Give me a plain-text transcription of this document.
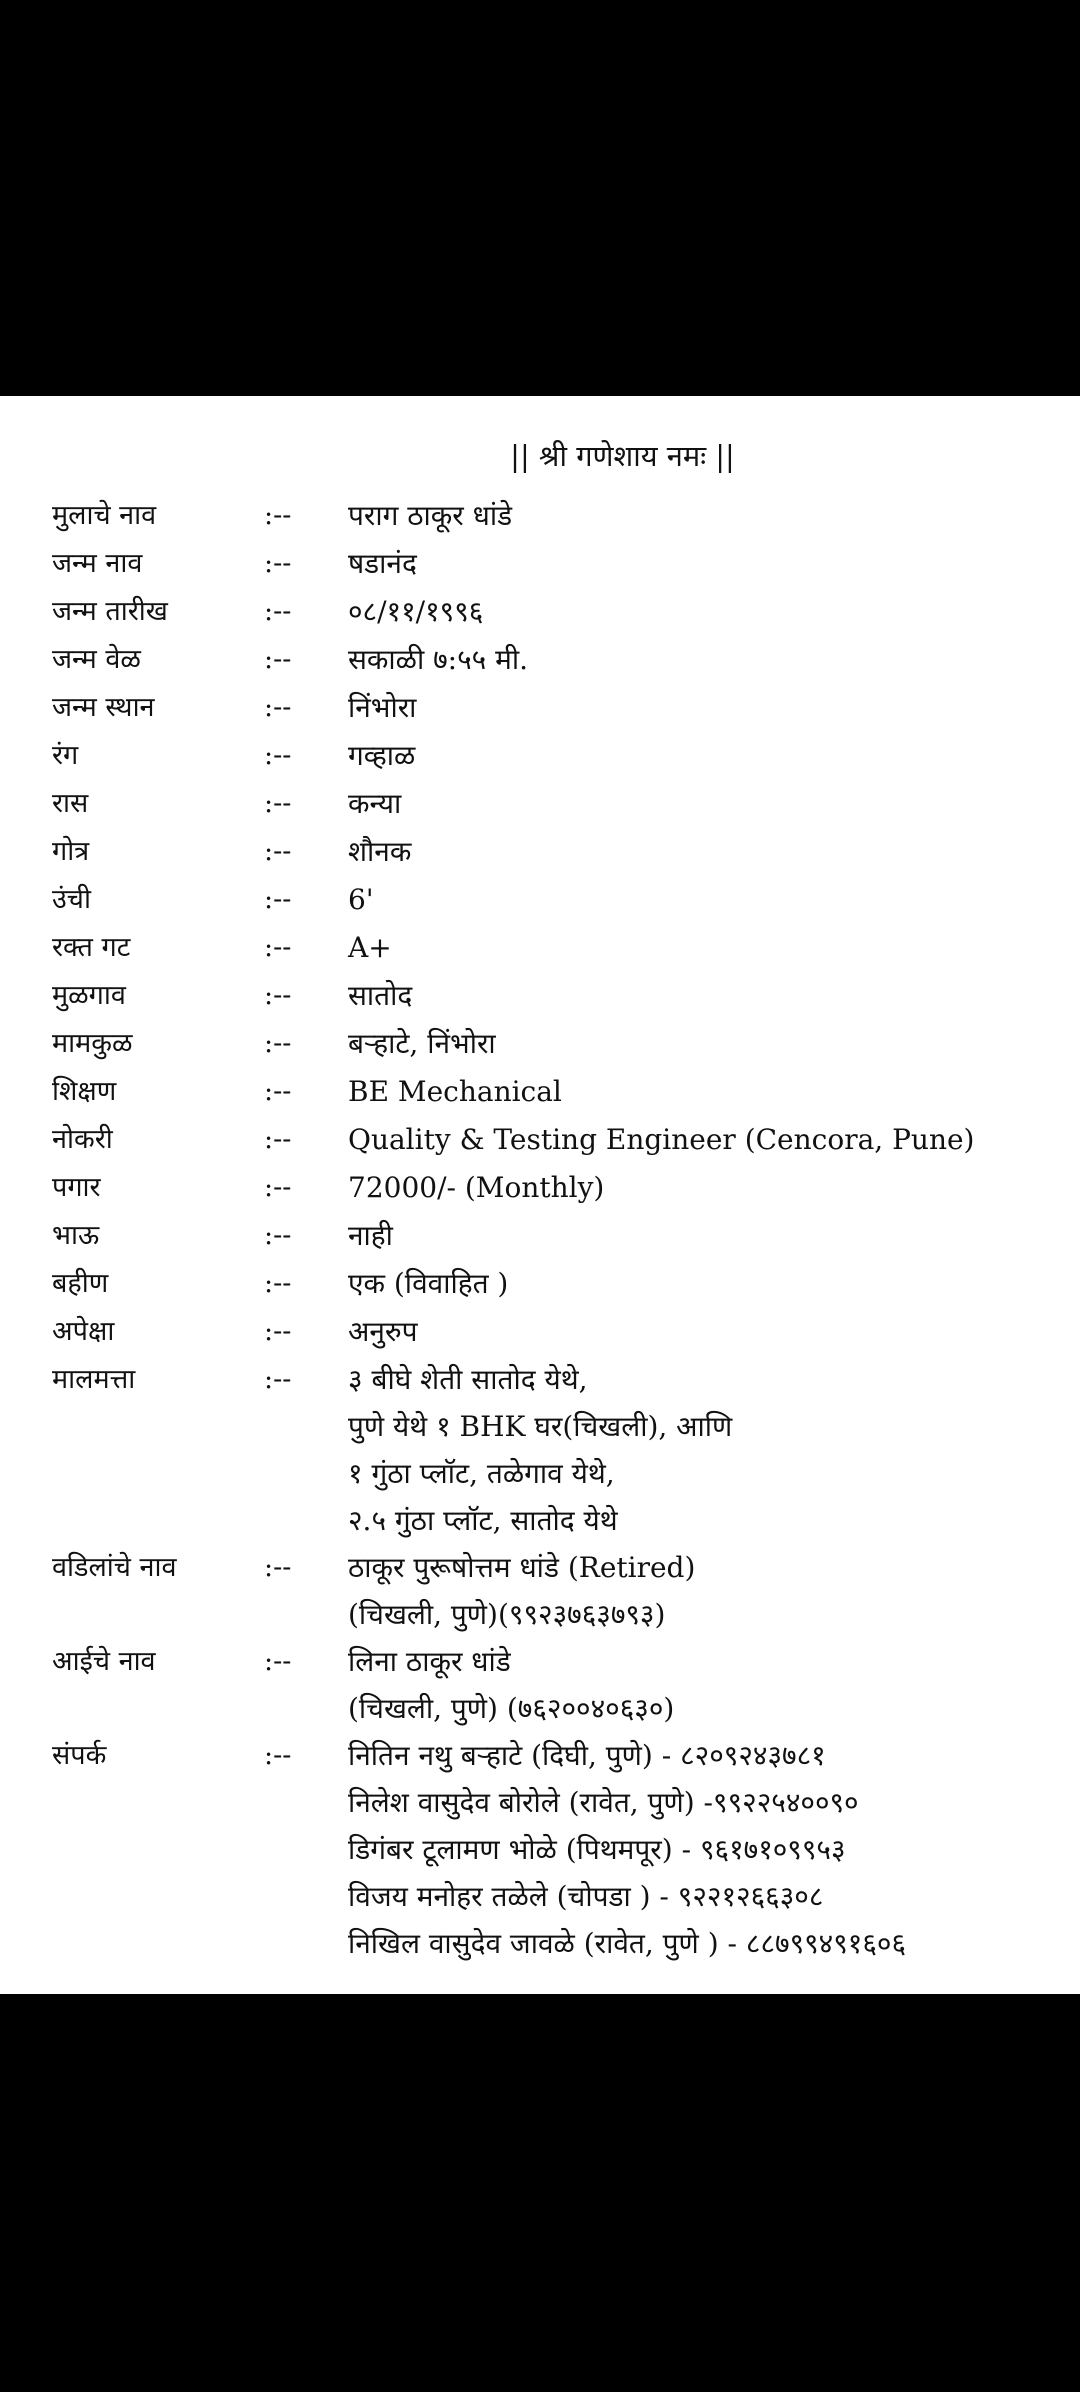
|| श्री गणेशाय नमः ||
मुलाचे नाव	:--	पराग ठाकूर धांडे
जन्म नाव	:--	षडानंद
जन्म तारीख	:--	०८/११/१९९६
जन्म वेळ	:--	सकाळी ७:५५ मी.
जन्म स्थान	:--	निंभोरा
रंग	:--	गव्हाळ
रास	:--	कन्या
गोत्र	:--	शौनक
उंची	:--	6'
रक्त गट	:--	A+
मुळगाव	:--	सातोद
मामकुळ	:--	बऱ्हाटे, निंभोरा
शिक्षण	:--	BE Mechanical
नोकरी	:--	Quality & Testing Engineer (Cencora, Pune)
पगार	:--	72000/- (Monthly)
भाऊ	:--	नाही
बहीण	:--	एक (विवाहित )
अपेक्षा	:--	अनुरुप
मालमत्ता	:--	३ बीघे शेती सातोद येथे,
पुणे येथे १ BHK घर(चिखली), आणि
१ गुंठा प्लॉट, तळेगाव येथे,
२.५ गुंठा प्लॉट, सातोद येथे
वडिलांचे नाव	:--	ठाकूर पुरूषोत्तम धांडे (Retired)
(चिखली, पुणे)(९९२३७६३७९३)
आईचे नाव	:--	लिना ठाकूर धांडे
(चिखली, पुणे) (७६२००४०६३०)
संपर्क	:--	नितिन नथु बऱ्हाटे (दिघी, पुणे) - ८२०९२४३७८१
निलेश वासुदेव बोरोले (रावेत, पुणे) -९९२२५४००९०
डिगंबर टूलामण भोळे (पिथमपूर) - ९६१७१०९९५३
विजय मनोहर तळेले (चोपडा ) - ९२२१२६६३०८
निखिल वासुदेव जावळे (रावेत, पुणे ) - ८८७९९४९१६०६
